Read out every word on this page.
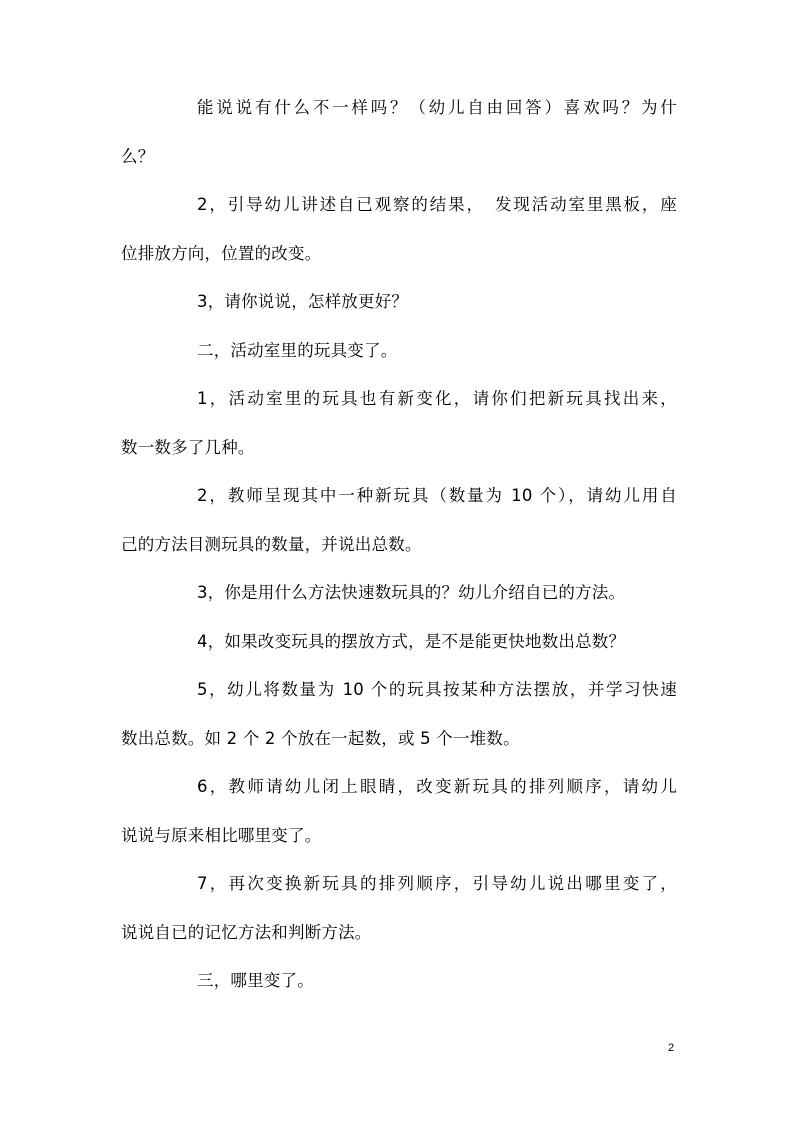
能说说有什么不一样吗？（幼儿自由回答）喜欢吗？为什

么？

2，引导幼儿讲述自已观察的结果，　发现活动室里黑板，座

位排放方向，位置的改变。

3，请你说说，怎样放更好？

二，活动室里的玩具变了。

1，活动室里的玩具也有新变化，请你们把新玩具找出来，

数一数多了几种。

2，教师呈现其中一种新玩具（数量为 10 个），请幼儿用自

己的方法目测玩具的数量，并说出总数。

3，你是用什么方法快速数玩具的？幼儿介绍自已的方法。

4，如果改变玩具的摆放方式，是不是能更快地数出总数？

5，幼儿将数量为 10 个的玩具按某种方法摆放，并学习快速

数出总数。如 2 个 2 个放在一起数，或 5 个一堆数。

6，教师请幼儿闭上眼睛，改变新玩具的排列顺序，请幼儿

说说与原来相比哪里变了。

7，再次变换新玩具的排列顺序，引导幼儿说出哪里变了，

说说自已的记忆方法和判断方法。

三，哪里变了。

2
